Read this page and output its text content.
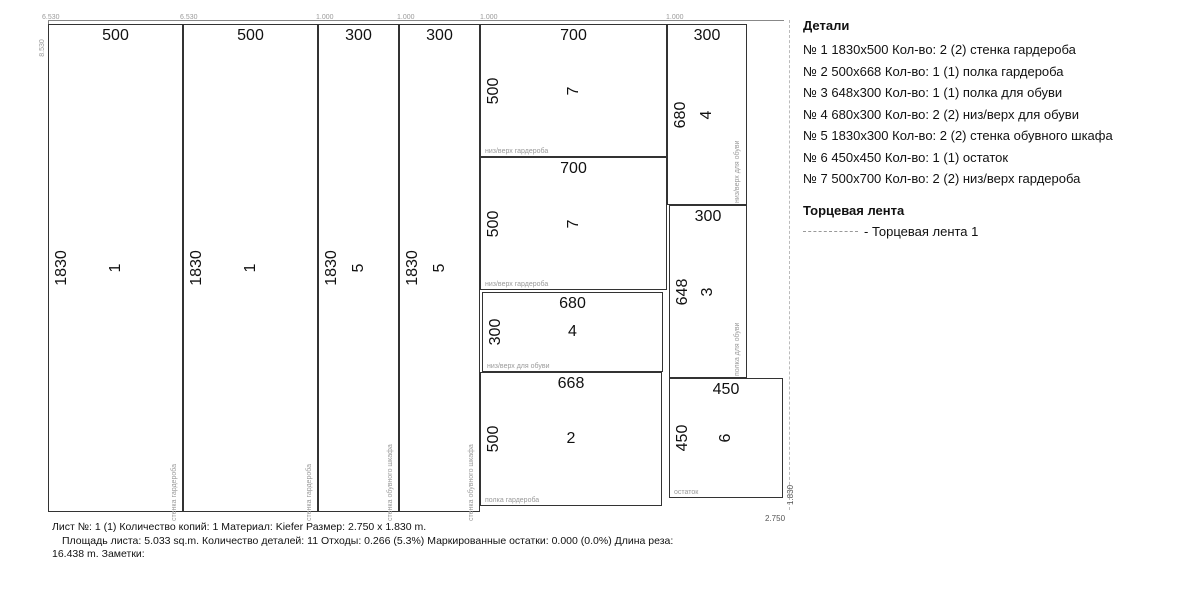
6.530	6.530	1.000	1.000	1.000	1.000
8.530
500
1830 1
стенка гардероба
500
1830 1
стенка гардероба
300
1830 5
стенка обувного шкафа
300
1830 5
стенка обувного шкафа
700
500	7
низ/верх гардероба
700
500	7
низ/верх гардероба
680
300	4
низ/верх для обуви
668
500	2
полка гардероба
300
680 4
низ/верх для обуви
300
648 3
полка для обуви
450
450 6
остаток
2.750
1.830
Детали
№ 1 1830x500 Кол-во: 2 (2) стенка гардероба
№ 2 500x668 Кол-во: 1 (1) полка гардероба
№ 3 648x300 Кол-во: 1 (1) полка для обуви
№ 4 680x300 Кол-во: 2 (2) низ/верх для обуви
№ 5 1830x300 Кол-во: 2 (2) стенка обувного шкафа
№ 6 450x450 Кол-во: 1 (1) остаток
№ 7 500x700 Кол-во: 2 (2) низ/верх гардероба
Торцевая лента
- Торцевая лента 1
Лист №: 1 (1) Количество копий: 1 Материал: Kiefer Размер: 2.750 x 1.830 m.
Площадь листа: 5.033 sq.m. Количество деталей: 11 Отходы: 0.266 (5.3%) Маркированные остатки: 0.000 (0.0%) Длина реза:
16.438 m. Заметки:
